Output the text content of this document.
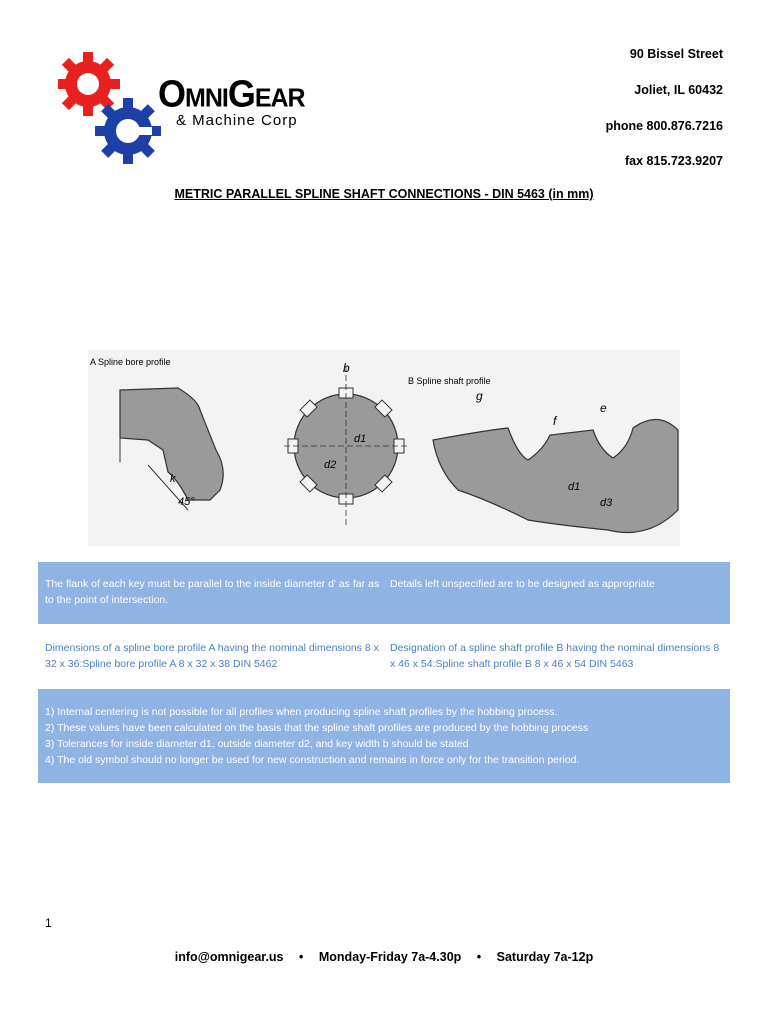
OmniGear
& Machine Corp
90 Bissel Street
Joliet, IL 60432
phone 800.876.7216
fax 815.723.9207
METRIC PARALLEL SPLINE SHAFT CONNECTIONS - DIN 5463 (in mm)
A Spline bore profile
k
45°
b
d1
d2
B Spline shaft profile
g
f
e
d1
d3
The flank of each key must be parallel to the inside diameter d' as far as to the point of intersection.
Details left unspecified are to be designed as appropriate
Dimensions of a spline bore profile A having the nominal dimensions 8 x 32 x 36:Spline bore profile A 8 x 32 x 38 DIN 5462
Designation of a spline shaft profile B having the nominal dimensions 8 x 46 x 54:Spline shaft profile B 8 x 46 x 54 DIN 5463
1) Internal centering is not possible for all profiles when producing spline shaft profiles by the hobbing process.
2) These values have been calculated on the basis that the spline shaft profiles are produced by the hobbing process
3) Tolerances for inside diameter d1, outside diameter d2, and key width b should be stated
4) The old symbol should no longer be used for new construction and remains in force only for the transition period.
1
info@omnigear.us • Monday-Friday 7a-4.30p • Saturday 7a-12p
